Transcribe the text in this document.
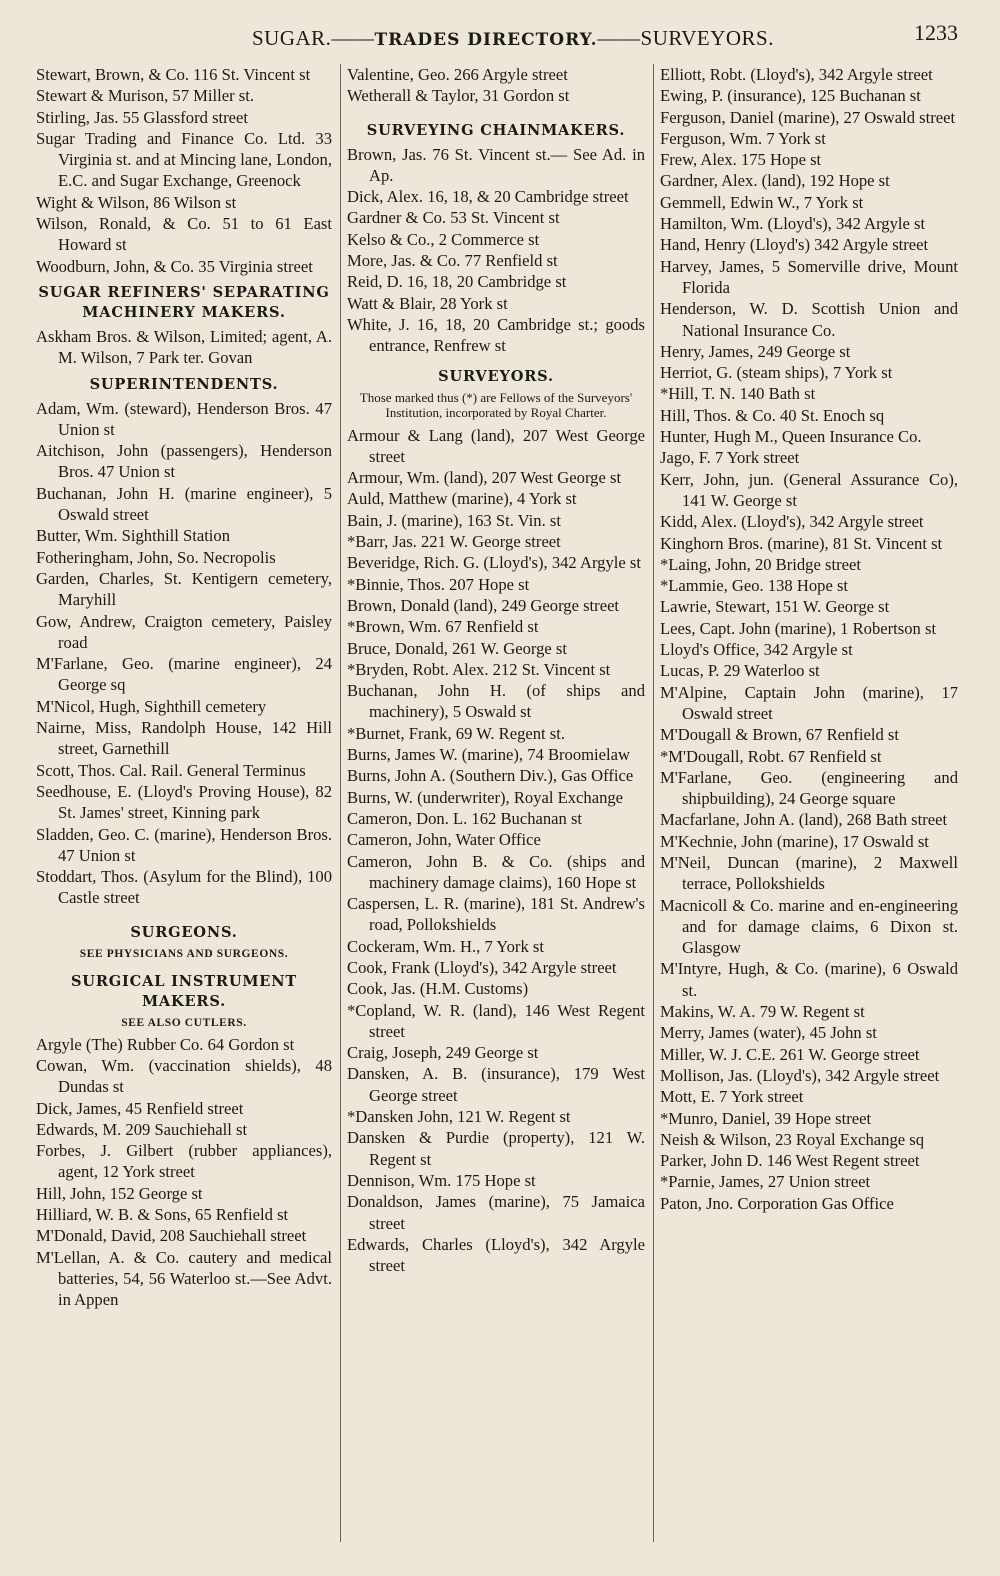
SUGAR.——TRADES DIRECTORY.——SURVEYORS.	1233
Stewart, Brown, & Co. 116 St. Vincent st
Stewart & Murison, 57 Miller st.
Stirling, Jas. 55 Glassford street
Sugar Trading and Finance Co. Ltd. 33 Virginia st. and at Mincing lane, London, E.C. and Sugar Exchange, Greenock
Wight & Wilson, 86 Wilson st
Wilson, Ronald, & Co. 51 to 61 East Howard st
Woodburn, John, & Co. 35 Virginia street
SUGAR REFINERS' SEPARATING MACHINERY MAKERS.
Askham Bros. & Wilson, Limited; agent, A. M. Wilson, 7 Park ter. Govan
SUPERINTENDENTS.
Adam, Wm. (steward), Henderson Bros. 47 Union st
Aitchison, John (passengers), Henderson Bros. 47 Union st
Buchanan, John H. (marine engineer), 5 Oswald street
Butter, Wm. Sighthill Station
Fotheringham, John, So. Necropolis
Garden, Charles, St. Kentigern cemetery, Maryhill
Gow, Andrew, Craigton cemetery, Paisley road
M'Farlane, Geo. (marine engineer), 24 George sq
M'Nicol, Hugh, Sighthill cemetery
Nairne, Miss, Randolph House, 142 Hill street, Garnethill
Scott, Thos. Cal. Rail. General Terminus
Seedhouse, E. (Lloyd's Proving House), 82 St. James' street, Kinning park
Sladden, Geo. C. (marine), Henderson Bros. 47 Union st
Stoddart, Thos. (Asylum for the Blind), 100 Castle street
SURGEONS.
SEE PHYSICIANS AND SURGEONS.
SURGICAL INSTRUMENT MAKERS.
SEE ALSO CUTLERS.
Argyle (The) Rubber Co. 64 Gordon st
Cowan, Wm. (vaccination shields), 48 Dundas st
Dick, James, 45 Renfield street
Edwards, M. 209 Sauchiehall st
Forbes, J. Gilbert (rubber appliances), agent, 12 York street
Hill, John, 152 George st
Hilliard, W. B. & Sons, 65 Renfield st
M'Donald, David, 208 Sauchiehall street
M'Lellan, A. & Co. cautery and medical batteries, 54, 56 Waterloo st.—See Advt. in Appen
Valentine, Geo. 266 Argyle street
Wetherall & Taylor, 31 Gordon st
SURVEYING CHAINMAKERS.
Brown, Jas. 76 St. Vincent st.— See Ad. in Ap.
Dick, Alex. 16, 18, & 20 Cambridge street
Gardner & Co. 53 St. Vincent st
Kelso & Co., 2 Commerce st
More, Jas. & Co. 77 Renfield st
Reid, D. 16, 18, 20 Cambridge st
Watt & Blair, 28 York st
White, J. 16, 18, 20 Cambridge st.; goods entrance, Renfrew st
SURVEYORS.
Those marked thus (*) are Fellows of the Surveyors' Institution, incorporated by Royal Charter.
Armour & Lang (land), 207 West George street
Armour, Wm. (land), 207 West George st
Auld, Matthew (marine), 4 York st
Bain, J. (marine), 163 St. Vin. st
*Barr, Jas. 221 W. George street
Beveridge, Rich. G. (Lloyd's), 342 Argyle st
*Binnie, Thos. 207 Hope st
Brown, Donald (land), 249 George street
*Brown, Wm. 67 Renfield st
Bruce, Donald, 261 W. George st
*Bryden, Robt. Alex. 212 St. Vincent st
Buchanan, John H. (of ships and machinery), 5 Oswald st
*Burnet, Frank, 69 W. Regent st.
Burns, James W. (marine), 74 Broomielaw
Burns, John A. (Southern Div.), Gas Office
Burns, W. (underwriter), Royal Exchange
Cameron, Don. L. 162 Buchanan st
Cameron, John, Water Office
Cameron, John B. & Co. (ships and machinery damage claims), 160 Hope st
Caspersen, L. R. (marine), 181 St. Andrew's road, Pollokshields
Cockeram, Wm. H., 7 York st
Cook, Frank (Lloyd's), 342 Argyle street
Cook, Jas. (H.M. Customs)
*Copland, W. R. (land), 146 West Regent street
Craig, Joseph, 249 George st
Dansken, A. B. (insurance), 179 West George street
*Dansken John, 121 W. Regent st
Dansken & Purdie (property), 121 W. Regent st
Dennison, Wm. 175 Hope st
Donaldson, James (marine), 75 Jamaica street
Edwards, Charles (Lloyd's), 342 Argyle street
Elliott, Robt. (Lloyd's), 342 Argyle street
Ewing, P. (insurance), 125 Buchanan st
Ferguson, Daniel (marine), 27 Oswald street
Ferguson, Wm. 7 York st
Frew, Alex. 175 Hope st
Gardner, Alex. (land), 192 Hope st
Gemmell, Edwin W., 7 York st
Hamilton, Wm. (Lloyd's), 342 Argyle st
Hand, Henry (Lloyd's) 342 Argyle street
Harvey, James, 5 Somerville drive, Mount Florida
Henderson, W. D. Scottish Union and National Insurance Co.
Henry, James, 249 George st
Herriot, G. (steam ships), 7 York st
*Hill, T. N. 140 Bath st
Hill, Thos. & Co. 40 St. Enoch sq
Hunter, Hugh M., Queen Insurance Co.
Jago, F. 7 York street
Kerr, John, jun. (General Assurance Co), 141 W. George st
Kidd, Alex. (Lloyd's), 342 Argyle street
Kinghorn Bros. (marine), 81 St. Vincent st
*Laing, John, 20 Bridge street
*Lammie, Geo. 138 Hope st
Lawrie, Stewart, 151 W. George st
Lees, Capt. John (marine), 1 Robertson st
Lloyd's Office, 342 Argyle st
Lucas, P. 29 Waterloo st
M'Alpine, Captain John (marine), 17 Oswald street
M'Dougall & Brown, 67 Renfield st
*M'Dougall, Robt. 67 Renfield st
M'Farlane, Geo. (engineering and shipbuilding), 24 George square
Macfarlane, John A. (land), 268 Bath street
M'Kechnie, John (marine), 17 Oswald st
M'Neil, Duncan (marine), 2 Maxwell terrace, Pollokshields
Macnicoll & Co. marine and en-engineering and for damage claims, 6 Dixon st. Glasgow
M'Intyre, Hugh, & Co. (marine), 6 Oswald st.
Makins, W. A. 79 W. Regent st
Merry, James (water), 45 John st
Miller, W. J. C.E. 261 W. George street
Mollison, Jas. (Lloyd's), 342 Argyle street
Mott, E. 7 York street
*Munro, Daniel, 39 Hope street
Neish & Wilson, 23 Royal Exchange sq
Parker, John D. 146 West Regent street
*Parnie, James, 27 Union street
Paton, Jno. Corporation Gas Office
